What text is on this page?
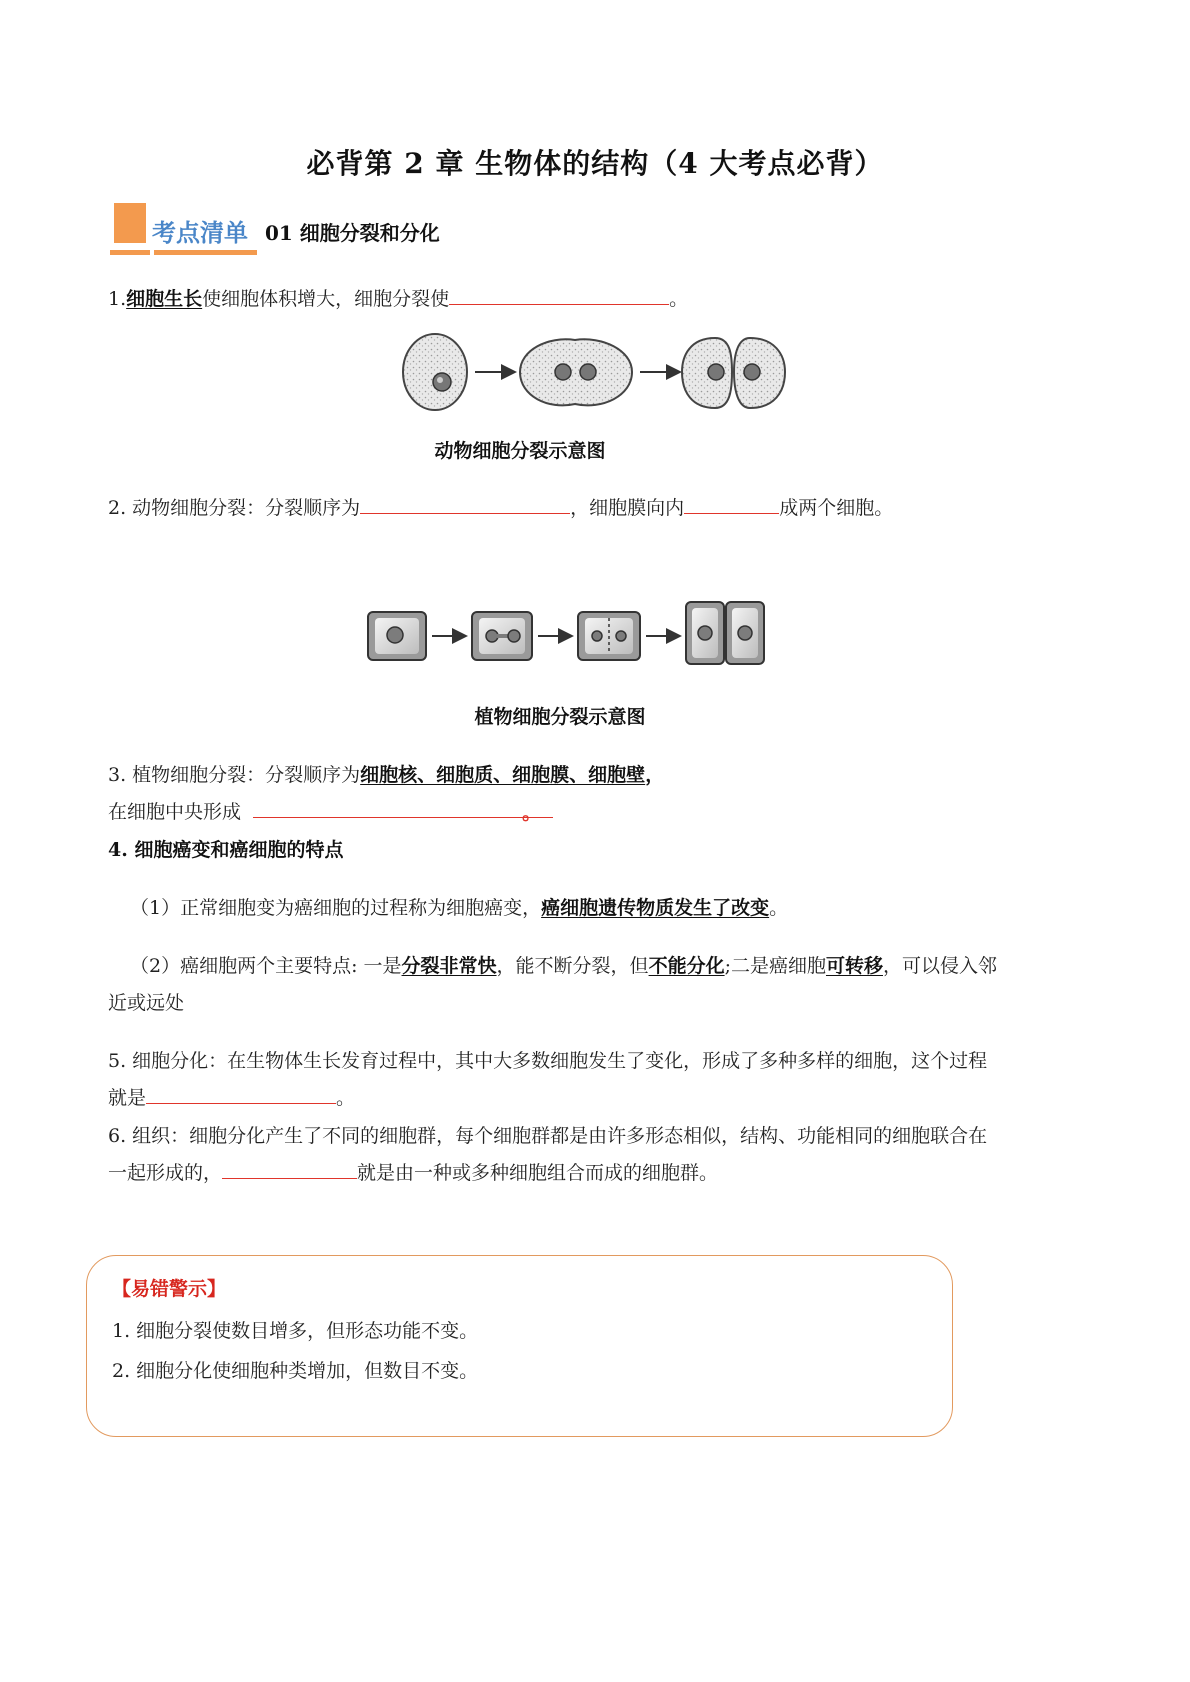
必背第 2 章 生物体的结构（4 大考点必背）
考点清单 01 细胞分裂和分化
1.细胞生长使细胞体积增大，细胞分裂使	。
动物细胞分裂示意图
2. 动物细胞分裂：分裂顺序为	，细胞膜向内	成两个细胞。
植物细胞分裂示意图
3. 植物细胞分裂：分裂顺序为细胞核、细胞质、细胞膜、细胞壁，
在细胞中央形成	。
4. 细胞癌变和癌细胞的特点
（1）正常细胞变为癌细胞的过程称为细胞癌变，癌细胞遗传物质发生了改变。
（2）癌细胞两个主要特点: 一是分裂非常快，能不断分裂，但不能分化;二是癌细胞可转移，可以侵入邻
近或远处
5. 细胞分化：在生物体生长发育过程中，其中大多数细胞发生了变化，形成了多种多样的细胞，这个过程
就是	。
6. 组织：细胞分化产生了不同的细胞群，每个细胞群都是由许多形态相似，结构、功能相同的细胞联合在
一起形成的，	就是由一种或多种细胞组合而成的细胞群。
【易错警示】
1. 细胞分裂使数目增多，但形态功能不变。
2. 细胞分化使细胞种类增加，但数目不变。
